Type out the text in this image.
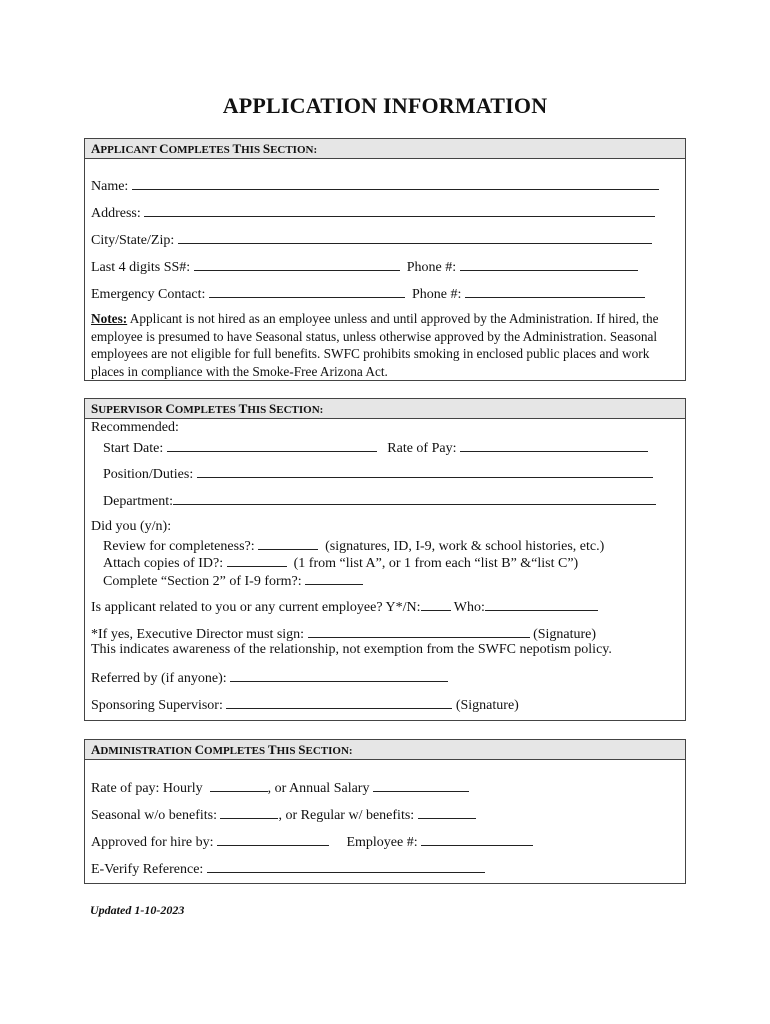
APPLICATION INFORMATION
APPLICANT COMPLETES THIS SECTION:
Name:
Address:
City/State/Zip:
Last 4 digits SS#:	Phone #:
Emergency Contact:	Phone #:
Notes: Applicant is not hired as an employee unless and until approved by the Administration. If hired, the employee is presumed to have Seasonal status, unless otherwise approved by the Administration. Seasonal employees are not eligible for full benefits. SWFC prohibits smoking in enclosed public places and work places in compliance with the Smoke-Free Arizona Act.
SUPERVISOR COMPLETES THIS SECTION:
Recommended:
Start Date:	Rate of Pay:
Position/Duties:
Department:
Did you (y/n):
Review for completeness?:	(signatures, ID, I-9, work & school histories, etc.)
Attach copies of ID?:	(1 from “list A”, or 1 from each “list B” &“list C”)
Complete “Section 2” of I-9 form?:
Is applicant related to you or any current employee? Y*/N: Who:
*If yes, Executive Director must sign:	(Signature)
This indicates awareness of the relationship, not exemption from the SWFC nepotism policy.
Referred by (if anyone):
Sponsoring Supervisor:	(Signature)
ADMINISTRATION COMPLETES THIS SECTION:
Rate of pay: Hourly	, or Annual Salary
Seasonal w/o benefits:	, or Regular w/ benefits:
Approved for hire by:	Employee #:
E-Verify Reference:
Updated 1-10-2023
